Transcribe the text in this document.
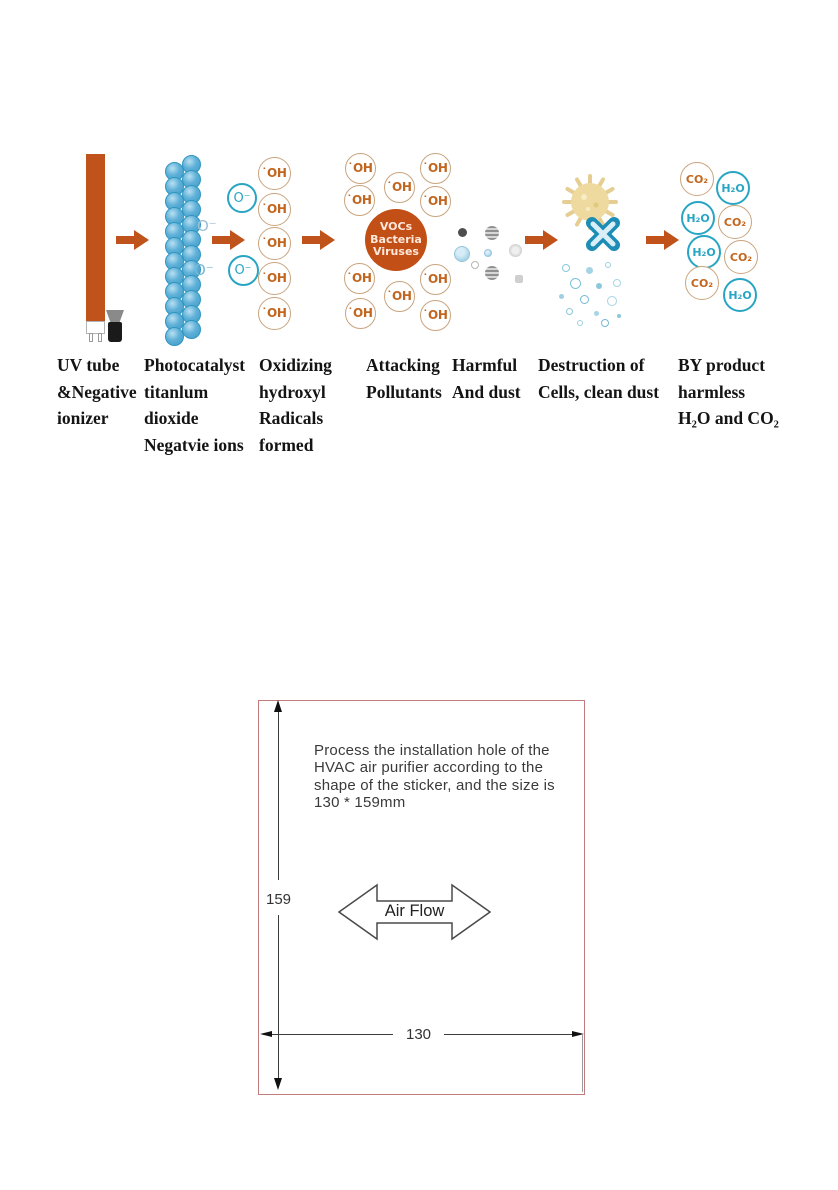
VOCs
Bacteria
Viruses
UV tube
&Negative
ionizer
Photocatalyst
titanlum
dioxide
Negatvie ions
Oxidizing
hydroxyl
Radicals
formed
Attacking
Pollutants
Harmful
And dust
Destruction of
Cells, clean dust
BY product
harmless
H₂O and CO₂
O⁻
O⁻
O⁻
O⁻
˙OH
˙OH
˙OH
˙OH
˙OH
˙OH
˙OH
˙OH
˙OH	˙OH
˙OH	˙OH
˙OH
˙OH
˙OH
CO₂
H₂O
H₂O	CO₂
H₂O	CO₂
CO₂
H₂O
159
130
Air Flow
Process the installation hole of the
HVAC air purifier according to the
shape of the sticker, and the size is
130 * 159mm
